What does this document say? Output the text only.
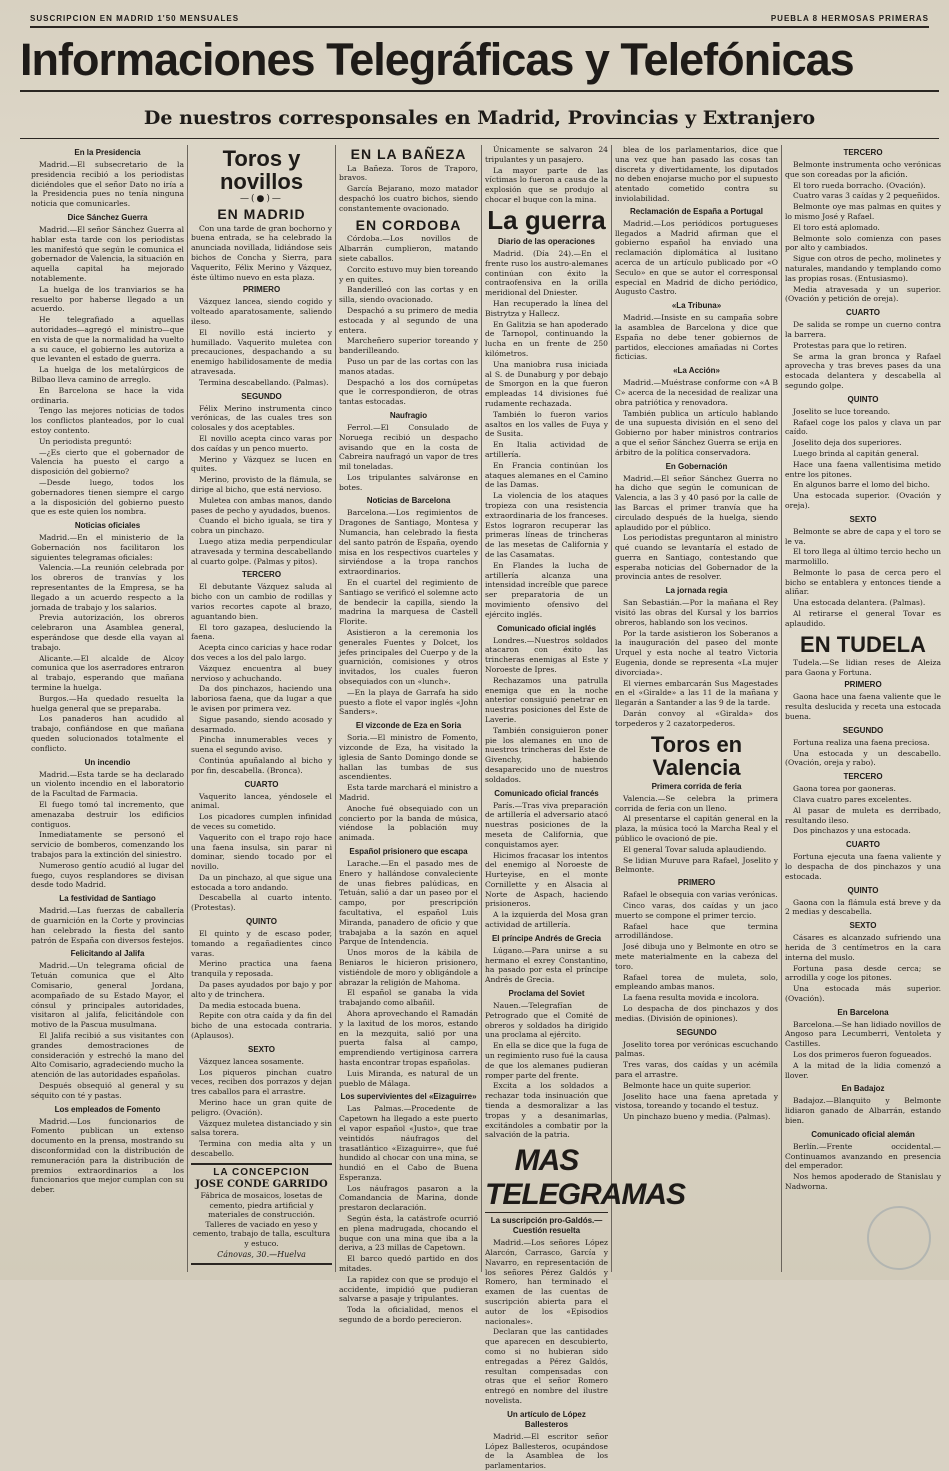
SUSCRIPCION EN MADRID 1'50 MENSUALES	PUEBLA 8 HERMOSAS PRIMERAS
Informaciones Telegráficas y Telefónicas
De nuestros corresponsales en Madrid, Provincias y Extranjero
En la Presidencia

Madrid.—El subsecretario de la presidencia recibió a los periodistas diciéndoles que el señor Dato no iría a la Presidencia pues no tenía ninguna noticia que comunicarles.

Dice Sánchez Guerra

Madrid.—El señor Sánchez Guerra al hablar esta tarde con los periodistas les manifestó que según le comunica el gobernador de Valencia, la situación en aquella capital ha mejorado notablemente.

La huelga de los tranviarios se ha resuelto por haberse llegado a un acuerdo.

He telegrafiado a aquellas autoridades—agregó el ministro—que en vista de que la normalidad ha vuelto a su cauce, el gobierno les autoriza a que levanten el estado de guerra.

La huelga de los metalúrgicos de Bilbao lleva camino de arreglo.

En Barcelona se hace la vida ordinaria.

Tengo las mejores noticias de todos los conflictos planteados, por lo cual estoy contento.

Un periodista preguntó:

—¿Es cierto que el gobernador de Valencia ha puesto el cargo a disposición del gobierno?

—Desde luego, todos los gobernadores tienen siempre el cargo a la disposición del gobierno puesto que es este quien los nombra.

Noticias oficiales

Madrid.—En el ministerio de la Gobernación nos facilitaron los siguientes telegramas oficiales:

Valencia.—La reunión celebrada por los obreros de tranvías y los representantes de la Empresa, se ha llegado a un acuerdo respecto a la jornada de trabajo y los salarios.

Previa autorización, los obreros celebraron una Asamblea general, esperándose que desde ella vayan al trabajo.

Alicante.—El alcalde de Alcoy comunica que los aserradores entraron al trabajo, esperando que mañana termine la huelga.

Burgos.—Ha quedado resuelta la huelga general que se preparaba.

Los panaderos han acudido al trabajo, confiándose en que mañana queden solucionados totalmente el conflicto.

Un incendio

Madrid.—Esta tarde se ha declarado un violento incendio en el laboratorio de la Facultad de Farmacia.

El fuego tomó tal incremento, que amenazaba destruir los edificios contiguos.

Inmediatamente se personó el servicio de bomberos, comenzando los trabajos para la extinción del siniestro.

Numeroso gentío acudió al lugar del fuego, cuyos resplandores se divisan desde todo Madrid.

La festividad de Santiago

Madrid.—Las fuerzas de caballería de guarnición en la Corte y provincias han celebrado la fiesta del santo patrón de España con diversos festejos.

Felicitando al Jalifa

Madrid.—Un telegrama oficial de Tetuán comunica que el Alto Comisario, general Jordana, acompañado de su Estado Mayor, el cónsul y principales autoridades, visitaron al jalifa, felicitándole con motivo de la Pascua musulmana.

El Jalifa recibió a sus visitantes con grandes demostraciones de consideración y estrechó la mano del Alto Comisario, agradeciendo mucho la atención de las autoridades españolas.

Después obsequió al general y su séquito con té y pastas.

Los empleados de Fomento

Madrid.—Los funcionarios de Fomento publican un extenso documento en la prensa, mostrando su disconformidad con la distribución de remuneración para la distribución de premios extraordinarios a los funcionarios que mejor cumplan con su deber.

Toros y novillos
—(●)—
EN MADRID

Con una tarde de gran bochorno y buena entrada, se ha celebrado la anunciada novillada, lidiándose seis bichos de Concha y Sierra, para Vaquerito, Félix Merino y Vázquez, éste último nuevo en esta plaza.

PRIMERO

Vázquez lancea, siendo cogido y volteado aparatosamente, saliendo ileso.

El novillo está incierto y humillado. Vaquerito muletea con precauciones, despachando a su enemigo habilidosamente de media atravesada.

Termina descabellando. (Palmas).

SEGUNDO

Félix Merino instrumenta cinco verónicas, de las cuales tres son colosales y dos aceptables.

El novillo acepta cinco varas por dos caídas y un penco muerto.

Merino y Vázquez se lucen en quites.

Merino, provisto de la flámula, se dirige al bicho, que está nervioso.

Muletea con ambas manos, dando pases de pecho y ayudados, buenos.

Cuando el bicho iguala, se tira y cobra un pinchazo.

Luego atiza media perpendicular atravesada y termina descabellando al cuarto golpe. (Palmas y pitos).

TERCERO

El debutante Vázquez saluda al bicho con un cambio de rodillas y varios recortes capote al brazo, aguantando bien.

El toro gazapea, desluciendo la faena.

Acepta cinco caricias y hace rodar dos veces a los del palo largo.

Vázquez encuentra al buey nervioso y achuchando.

Da dos pinchazos, haciendo una laboriosa faena, que da lugar a que le avisen por primera vez.

Sigue pasando, siendo acosado y desarmado.

Pincha innumerables veces y suena el segundo aviso.

Continúa apuñalando al bicho y por fin, descabella. (Bronca).

CUARTO

Vaquerito lancea, yéndosele el animal.

Los picadores cumplen infinidad de veces su cometido.

Vaquerito con el trapo rojo hace una faena insulsa, sin parar ni dominar, siendo tocado por el novillo.

Da un pinchazo, al que sigue una estocada a toro andando.

Descabella al cuarto intento. (Protestas).

QUINTO

El quinto y de escaso poder, tomando a regañadientes cinco varas.

Merino practica una faena tranquila y reposada.

Da pases ayudados por bajo y por alto y de trinchera.

Da media estocada buena.

Repite con otra caída y da fin del bicho de una estocada contraria. (Aplausos).

SEXTO

Vázquez lancea sosamente.

Los piqueros pinchan cuatro veces, reciben dos porrazos y dejan tres caballos para el arrastre.

Merino hace un gran quite de peligro. (Ovación).

Vázquez muletea distanciado y sin salsa torera.

Termina con media alta y un descabello.

LA CONCEPCION
JOSE CONDE GARRIDO
Fábrica de mosaicos, losetas de cemento, piedra artificial y materiales de construcción.
Talleres de vaciado en yeso y cemento, trabajo de talla, escultura y estuco.
Cánovas, 30.—Huelva
EN LA BAÑEZA

La Bañeza. Toros de Traporo, bravos.

García Bejarano, mozo matador despachó los cuatro bichos, siendo constantemente ovacionado.

EN CORDOBA

Córdoba.—Los novillos de Albarrán cumplieron, matando siete caballos.

Corcito estuvo muy bien toreando y en quites.

Banderilleó con las cortas y en silla, siendo ovacionado.

Despachó a su primero de media estocada y al segundo de una entera.

Marcheñero superior toreando y banderilleando.

Puso un par de las cortas con las manos atadas.

Despachó a los dos cornúpetas que le correspondieron, de otras tantas estocadas.

Naufragio

Ferrol.—El Consulado de Noruega recibió un despacho avisando que en la costa de Cabreira naufragó un vapor de tres mil toneladas.

Los tripulantes salváronse en botes.

Noticias de Barcelona

Barcelona.—Los regimientos de Dragones de Santiago, Montesa y Numancia, han celebrado la fiesta del santo patrón de España, oyendo misa en los respectivos cuarteles y sirviéndose a la tropa ranchos extraordinarios.

En el cuartel del regimiento de Santiago se verificó el solemne acto de bendecir la capilla, siendo la madrina la marquesa de Castell Florite.

Asistieron a la ceremonia los generales Fuentes y Dolcet, los jefes principales del Cuerpo y de la guarnición, comisiones y otros invitados, los cuales fueron obsequiados con un «lunch».

—En la playa de Garrafa ha sido puesto a flote el vapor inglés «John Sanders».

El vizconde de Eza en Soria

Soria.—El ministro de Fomento, vizconde de Eza, ha visitado la iglesia de Santo Domingo donde se hallan las tumbas de sus ascendientes.

Esta tarde marchará el ministro a Madrid.

Anoche fué obsequiado con un concierto por la banda de música, viéndose la población muy animada.

Español prisionero que escapa

Larache.—En el pasado mes de Enero y hallándose convaleciente de unas fiebres palúdicas, en Tetuán, salió a dar un paseo por el campo, por prescripción facultativa, el español Luis Miranda, panadero de oficio y que trabajaba a la sazón en aquel Parque de Intendencia.

Unos moros de la kábila de Beniaros le hicieron prisionero, vistiéndole de moro y obligándole a abrazar la religión de Mahoma.

El español se ganaba la vida trabajando como albañil.

Ahora aprovechando el Ramadán y la laxitud de los moros, estando en la mezquita, salió por una puerta falsa al campo, emprendiendo vertiginosa carrera hasta encontrar tropas españolas.

Luis Miranda, es natural de un pueblo de Málaga.

Los supervivientes del «Eizaguirre»

Las Palmas.—Procedente de Capetown ha llegado a este puerto el vapor español «Justo», que trae veintidós náufragos del trasatlántico «Eizaguirre», que fué hundido al chocar con una mina, se hundió en el Cabo de Buena Esperanza.

Los náufragos pasaron a la Comandancia de Marina, donde prestaron declaración.

Según ésta, la catástrofe ocurrió en plena madrugada, chocando el buque con una mina que iba a la deriva, a 23 millas de Capetown.

El barco quedó partido en dos mitades.

La rapidez con que se produjo el accidente, impidió que pudieran salvarse a pasaje y tripulantes.

Toda la oficialidad, menos el segundo de a bordo perecieron.

Únicamente se salvaron 24 tripulantes y un pasajero.

La mayor parte de las víctimas lo fueron a causa de la explosión que se produjo al chocar el buque con la mina.

La guerra
Diario de las operaciones

Madrid. (Día 24).—En el frente ruso los austro-alemanes continúan con éxito la contraofensiva en la orilla meridional del Dniester.

Han recuperado la línea del Bistrytza y Hallecz.

En Galitzia se han apoderado de Tarnopol, continuando la lucha en un frente de 250 kilómetros.

Una maniobra rusa iniciada al S. de Dunaburg y por debajo de Smorgon en la que fueron empleadas 14 divisiones fué rudamente rechazada.

También lo fueron varios asaltos en los valles de Fuya y de Susita.

En Italia actividad de artillería.

En Francia continúan los ataques alemanes en el Camino de las Damas.

La violencia de los ataques tropieza con una resistencia extraordinaria de los franceses. Estos lograron recuperar las primeras líneas de trincheras de las mesetas de California y de las Casamatas.

En Flandes la lucha de artillería alcanza una intensidad increíble que parece ser preparatoria de un movimiento ofensivo del ejército inglés.

Comunicado oficial inglés

Londres.—Nuestros soldados atacaron con éxito las trincheras enemigas al Este y Noroeste de Ipres.

Rechazamos una patrulla enemiga que en la noche anterior consiguió penetrar en nuestras posiciones del Este de Laverie.

También consiguieron poner pie los alemanes en uno de nuestros trincheras del Este de Givenchy, habiendo desaparecido uno de nuestros soldados.

Comunicado oficial francés

París.—Tras viva preparación de artillería el adversario atacó nuestras posiciones de la meseta de California, que conquistamos ayer.

Hicimos fracasar los intentos del enemigo al Noroeste de Hurteyise, en el monte Cornillette y en Alsacia al Norte de Aspach, haciendo prisioneros.

A la izquierda del Mosa gran actividad de artillería.

El príncipe Andrés de Grecia

Lúgano.—Para unirse a su hermano el exrey Constantino, ha pasado por esta el príncipe Andrés de Grecia.

Proclama del Soviet

Nauen.—Telegrafían de Petrogrado que el Comité de obreros y soldados ha dirigido una proclama al ejército.

En ella se dice que la fuga de un regimiento ruso fué la causa de que los alemanes pudieran romper parte del frente.

Excita a los soldados a rechazar toda insinuación que tienda a desmoralizar a las tropas y a desanimarlas, excitándoles a combatir por la salvación de la patria.

MAS TELEGRAMAS
La suscripción pro-Galdós.—Cuestión resuelta

Madrid.—Los señores López Alarcón, Carrasco, García y Navarro, en representación de los señores Pérez Galdós y Romero, han terminado el examen de las cuentas de suscripción abierta para el autor de los «Episodios nacionales».

Declaran que las cantidades que aparecen en descubierto, como si no hubieran sido entregadas a Pérez Galdós, resultan compensadas con otras que el señor Romero entregó en nombre del ilustre novelista.

Un artículo de López Ballesteros

Madrid.—El escritor señor López Ballesteros, ocupándose de la Asamblea de los parlamentarios.

blea de los parlamentarios, dice que una vez que han pasado las cosas tan discreta y divertidamente, los diputados no deben enojarse mucho por el supuesto atentado cometido contra su inviolabilidad.

Reclamación de España a Portugal

Madrid.—Los periódicos portugueses llegados a Madrid afirman que el gobierno español ha enviado una reclamación diplomática al lusitano acerca de un artículo publicado por «O Seculo» en que se autor el corresponsal especial en Madrid de dicho periódico, Augusto Castro.

«La Tribuna»

Madrid.—Insiste en su campaña sobre la asamblea de Barcelona y dice que España no debe tener gobiernos de partidos, elecciones amañadas ni Cortes ficticias.

«La Acción»

Madrid.—Muéstrase conforme con «A B C» acerca de la necesidad de realizar una obra patriótica y renovadora.

También publica un artículo hablando de una supuesta división en el seno del Gobierno por haber ministros contrarios a que el señor Sánchez Guerra se erija en árbitro de la política conservadora.

En Gobernación

Madrid.—El señor Sánchez Guerra no ha dicho que según le comunican de Valencia, a las 3 y 40 pasó por la calle de las Barcas el primer tranvía que ha circulado después de la huelga, siendo aplaudido por el público.

Los periodistas preguntaron al ministro qué cuando se levantaría el estado de guerra en Santiago, contestando que esperaba noticias del Gobernador de la provincia antes de resolver.

La jornada regia

San Sebastián.—Por la mañana el Rey visitó las obras del Kursal y los barrios obreros, hablando son los vecinos.

Por la tarde asistieron los Soberanos a la inauguración del paseo del monte Urquel y esta noche al teatro Victoria Eugenia, donde se representa «La mujer divorciada».

El viernes embarcarán Sus Magestades en el «Giralde» a las 11 de la mañana y llegarán a Santander a las 9 de la tarde.

Darán convoy al «Giralda» dos torpederos y 2 cazatorpederos.

Toros en Valencia
Primera corrida de feria

Valencia.—Se celebra la primera corrida de feria con un lleno.

Al presentarse el capitán general en la plaza, la música tocó la Marcha Real y el público le ovacionó de pie.

El general Tovar saluda aplaudiendo.

Se lidian Muruve para Rafael, Joselito y Belmonte.

PRIMERO

Rafael le obsequia con varias verónicas.

Cinco varas, dos caídas y un jaco muerto se compone el primer tercio.

Rafael hace que termina arrodillándose.

José dibuja uno y Belmonte en otro se mete materialmente en la cabeza del toro.

Rafael torea de muleta, solo, empleando ambas manos.

La faena resulta movida e incolora.

Lo despacha de dos pinchazos y dos medias. (División de opiniones).

SEGUNDO

Joselito torea por verónicas escuchando palmas.

Tres varas, dos caídas y un acémila para el arrastre.

Belmonte hace un quite superior.

Joselito hace una faena apretada y vistosa, toreando y tocando el testuz.

Un pinchazo bueno y media. (Palmas).

TERCERO

Belmonte instrumenta ocho verónicas que son coreadas por la afición.

El toro rueda borracho. (Ovación).

Cuatro varas 3 caídas y 2 pequeñidos.

Belmonte oye mas palmas en quites y lo mismo José y Rafael.

El toro está aplomado.

Belmonte solo comienza con pases por alto y cambiados.

Sigue con otros de pecho, molinetes y naturales, mandando y templando como las propias rosas. (Entusiasmo).

Media atravesada y un superior. (Ovación y petición de oreja).

CUARTO

De salida se rompe un cuerno contra la barrera.

Protestas para que lo retiren.

Se arma la gran bronca y Rafael aprovecha y tras breves pases da una estocada delantera y descabella al segundo golpe.

QUINTO

Joselito se luce toreando.

Rafael coge los palos y clava un par caído.

Joselito deja dos superiores.

Luego brinda al capitán general.

Hace una faena vallentisima metido entre los pitones.

En algunos barre el lomo del bicho.

Una estocada superior. (Ovación y oreja).

SEXTO

Belmonte se abre de capa y el toro se le va.

El toro llega al último tercio hecho un marmolillo.

Belmonte lo pasa de cerca pero el bicho se entablera y entonces tiende a aliñar.

Una estocada delantera. (Palmas).

Al retirarse el general Tovar es aplaudido.

EN TUDELA

Tudela.—Se lidian reses de Aleiza para Gaona y Fortuna.

PRIMERO

Gaona hace una faena valiente que le resulta deslucida y receta una estocada buena.

SEGUNDO

Fortuna realiza una faena preciosa.

Una estocada y un descabello. (Ovación, oreja y rabo).

TERCERO

Gaona torea por gaoneras.

Clava cuatro pares excelentes.

Al pasar de muleta es derribado, resultando ileso.

Dos pinchazos y una estocada.

CUARTO

Fortuna ejecuta una faena valiente y lo despacha de dos pinchazos y una estocada.

QUINTO

Gaona con la flámula está breve y da 2 medias y descabella.

SEXTO

Cásares es alcanzado sufriendo una herida de 3 centímetros en la cara interna del muslo.

Fortuna pasa desde cerca; se arrodilla y coge los pitones.

Una estocada más superior. (Ovación).

En Barcelona

Barcelona.—Se han lidiado novillos de Angoso para Lecumberri, Ventoleta y Castilles.

Los dos primeros fueron fogueados.

A la mitad de la lidia comenzó a llover.

En Badajoz

Badajoz.—Blanquito y Belmonte lidiaron ganado de Albarrán, estando bien.

Comunicado oficial alemán

Berlín.—Frente occidental.—Continuamos avanzando en presencia del emperador.

Nos hemos apoderado de Stanislau y Nadworna.
